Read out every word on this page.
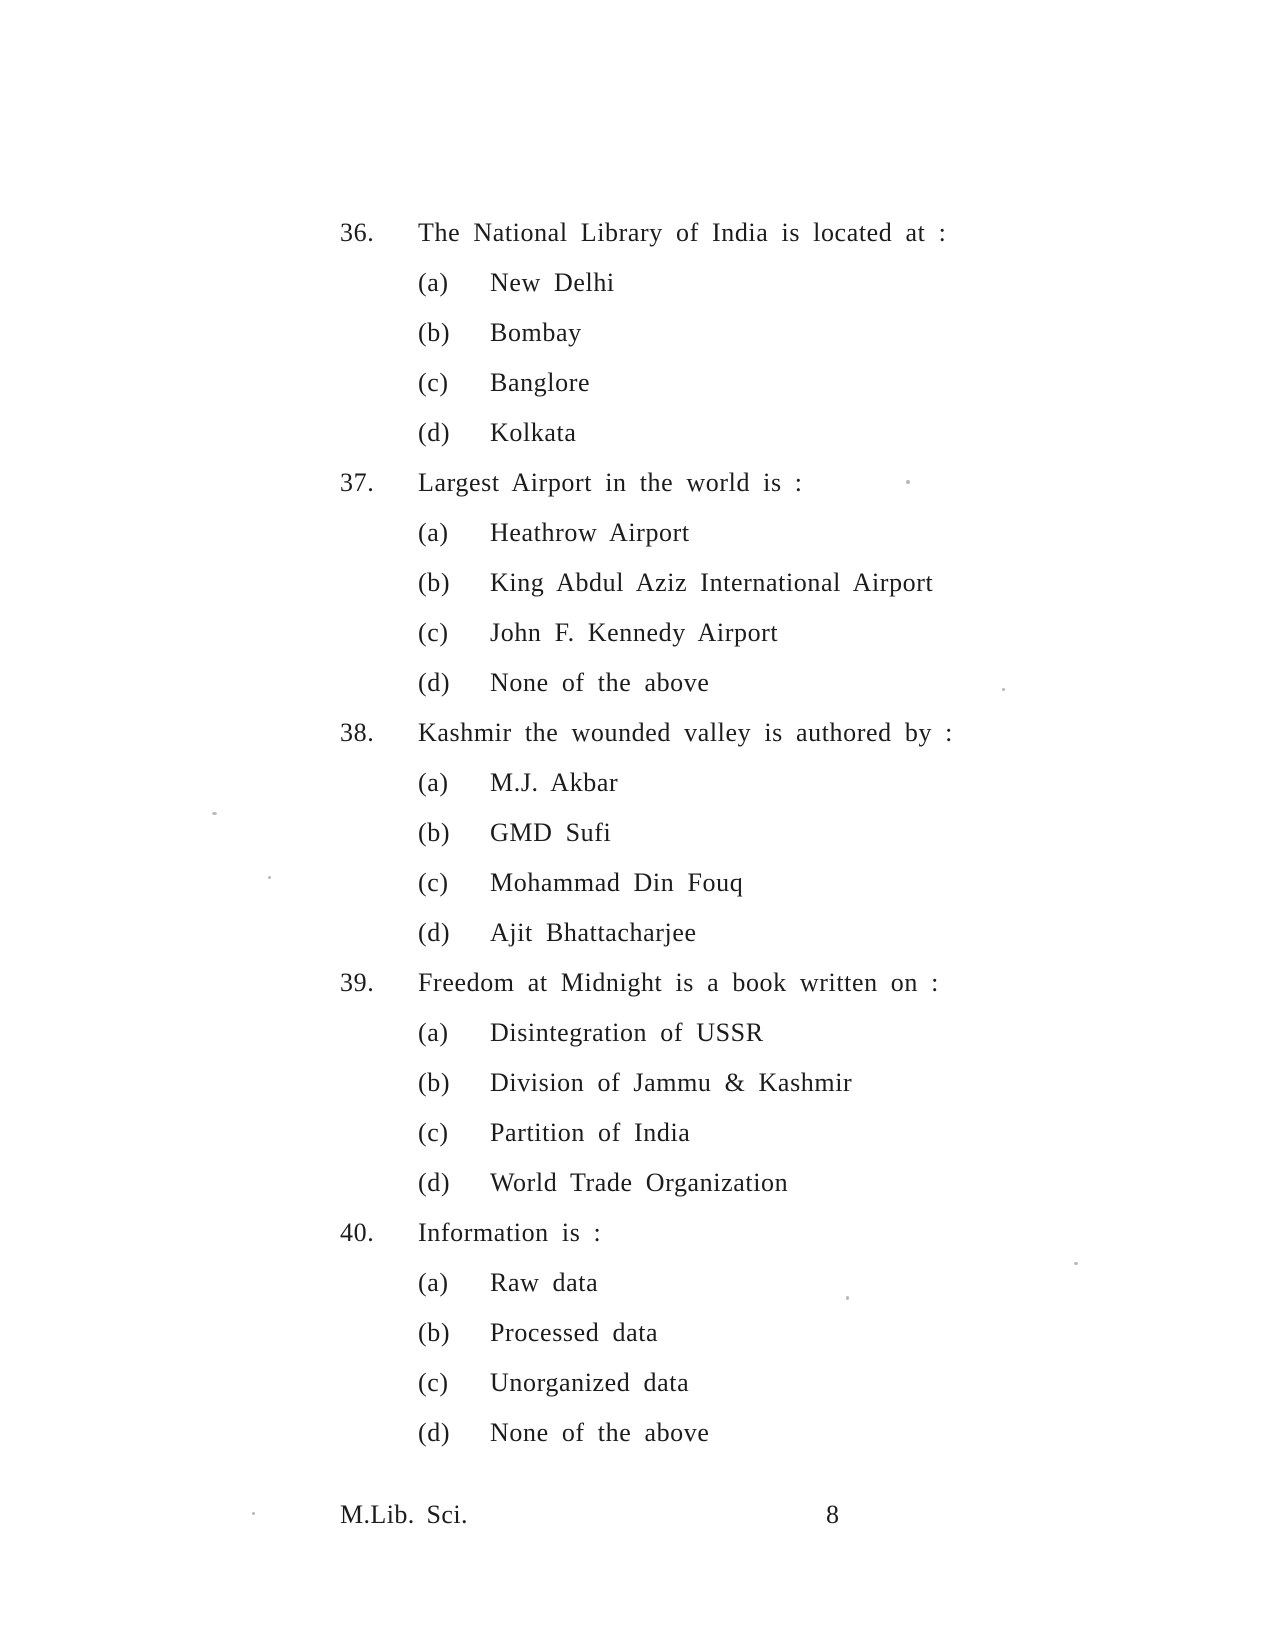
36. The National Library of India is located at :
(a) New Delhi
(b) Bombay
(c) Banglore
(d) Kolkata
37. Largest Airport in the world is :
(a) Heathrow Airport
(b) King Abdul Aziz International Airport
(c) John F. Kennedy Airport
(d) None of the above
38. Kashmir the wounded valley is authored by :
(a) M.J. Akbar
(b) GMD Sufi
(c) Mohammad Din Fouq
(d) Ajit Bhattacharjee
39. Freedom at Midnight is a book written on :
(a) Disintegration of USSR
(b) Division of Jammu & Kashmir
(c) Partition of India
(d) World Trade Organization
40. Information is :
(a) Raw data
(b) Processed data
(c) Unorganized data
(d) None of the above
M.Lib. Sci.	8
